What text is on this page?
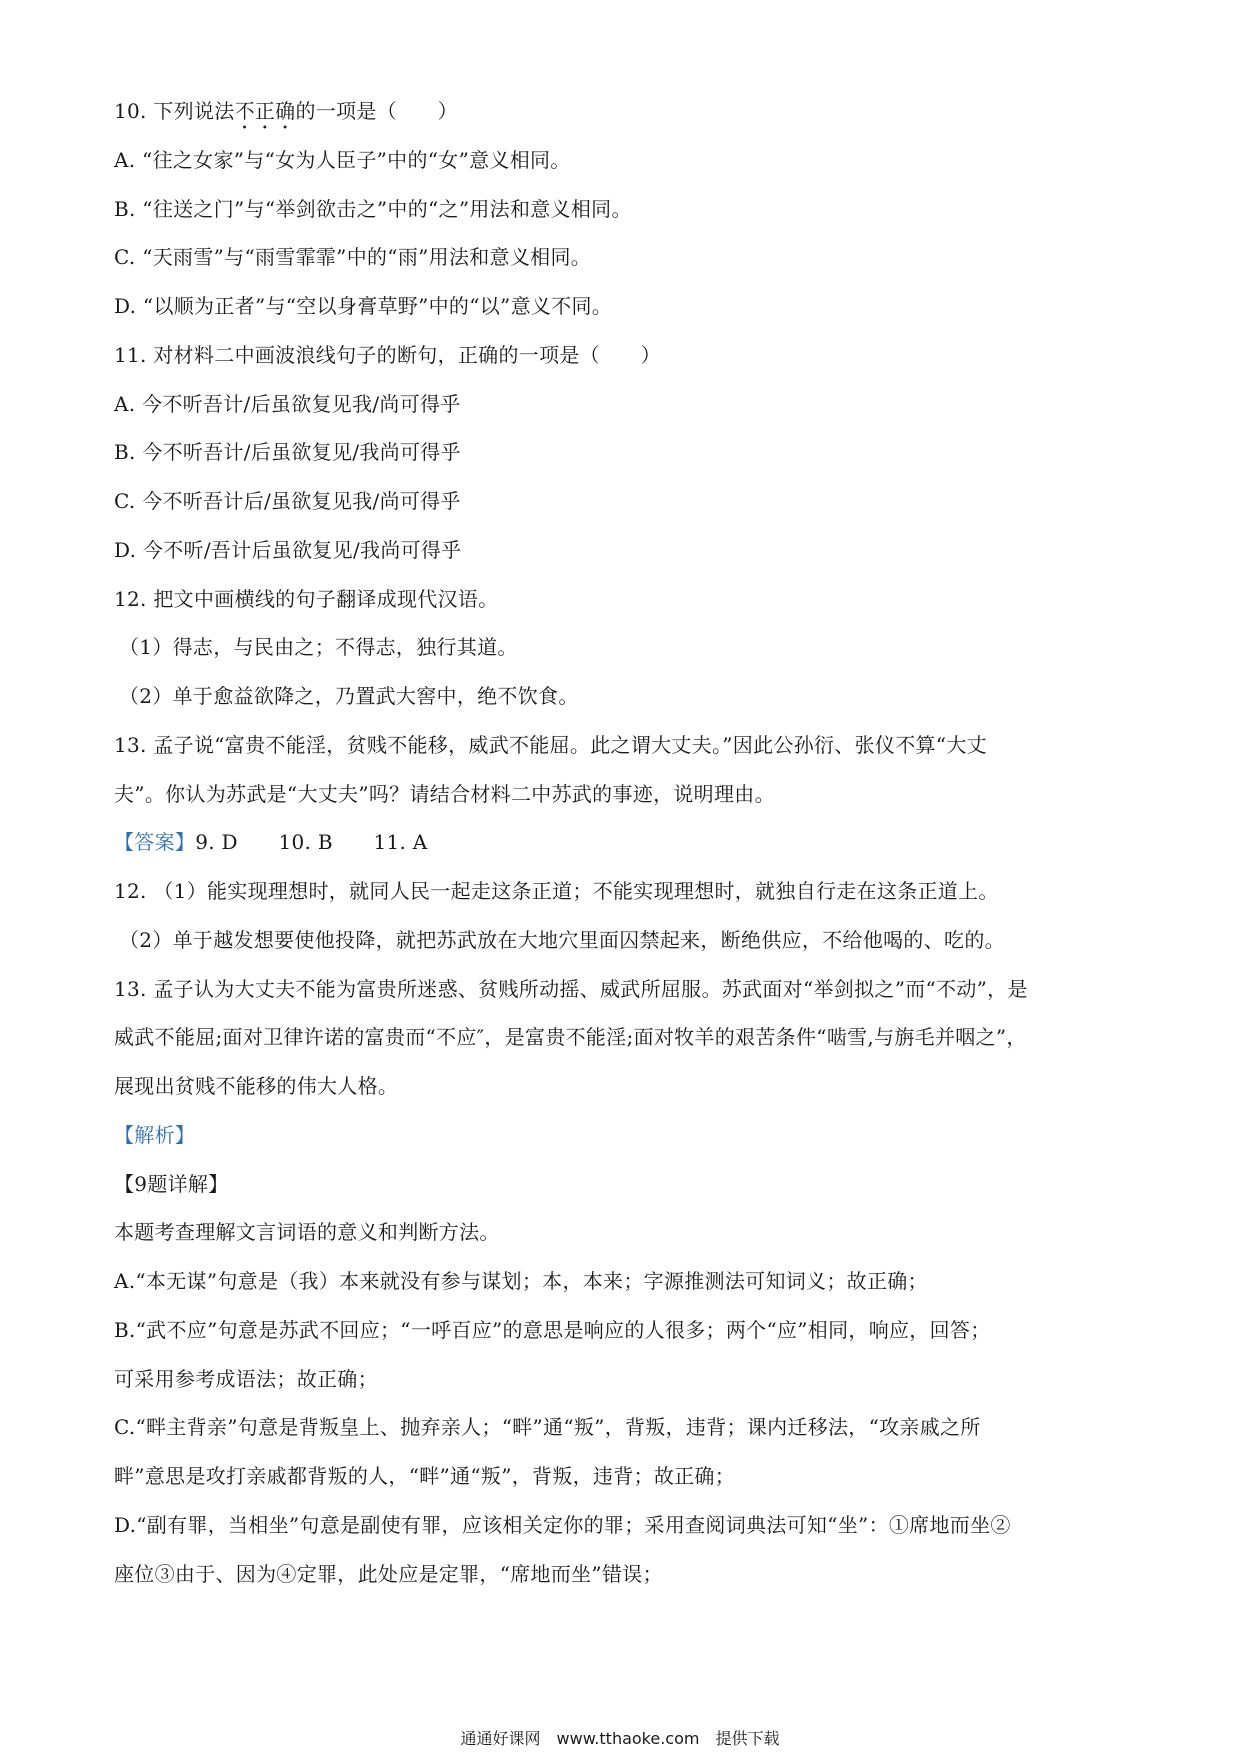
10. 下列说法不正确的一项是（　　）
A. “往之女家”与“女为人臣子”中的“女”意义相同。
B. “往送之门”与“举剑欲击之”中的“之”用法和意义相同。
C. “天雨雪”与“雨雪霏霏”中的“雨”用法和意义相同。
D. “以顺为正者”与“空以身膏草野”中的“以”意义不同。
11. 对材料二中画波浪线句子的断句，正确的一项是（　　）
A. 今不听吾计/后虽欲复见我/尚可得乎
B. 今不听吾计/后虽欲复见/我尚可得乎
C. 今不听吾计后/虽欲复见我/尚可得乎
D. 今不听/吾计后虽欲复见/我尚可得乎
12. 把文中画横线的句子翻译成现代汉语。
（1）得志，与民由之；不得志，独行其道。
（2）单于愈益欲降之，乃置武大窖中，绝不饮食。
13. 孟子说“富贵不能淫，贫贱不能移，威武不能屈。此之谓大丈夫。”因此公孙衍、张仪不算“大丈
夫”。你认为苏武是“大丈夫”吗？请结合材料二中苏武的事迹，说明理由。
【答案】9. D　　10. B　　11. A
12. （1）能实现理想时，就同人民一起走这条正道；不能实现理想时，就独自行走在这条正道上。
（2）单于越发想要使他投降，就把苏武放在大地穴里面囚禁起来，断绝供应，不给他喝的、吃的。
13. 孟子认为大丈夫不能为富贵所迷惑、贫贱所动摇、威武所屈服。苏武面对“举剑拟之”而“不动”，是
威武不能屈;面对卫律许诺的富贵而“不应″，是富贵不能淫;面对牧羊的艰苦条件“啮雪,与旃毛并咽之”，
展现出贫贱不能移的伟大人格。
【解析】
【9题详解】
本题考查理解文言词语的意义和判断方法。
A.“本无谋”句意是（我）本来就没有参与谋划；本，本来；字源推测法可知词义；故正确；
B.“武不应”句意是苏武不回应；“一呼百应”的意思是响应的人很多；两个“应”相同，响应，回答；
可采用参考成语法；故正确；
C.“畔主背亲”句意是背叛皇上、抛弃亲人；“畔”通“叛”，背叛，违背；课内迁移法，“攻亲戚之所
畔”意思是攻打亲戚都背叛的人，“畔”通“叛”，背叛，违背；故正确；
D.“副有罪，当相坐”句意是副使有罪，应该相关定你的罪；采用查阅词典法可知“坐”：①席地而坐②
座位③由于、因为④定罪，此处应是定罪，“席地而坐”错误；
通通好课网 www.tthaoke.com 提供下载
